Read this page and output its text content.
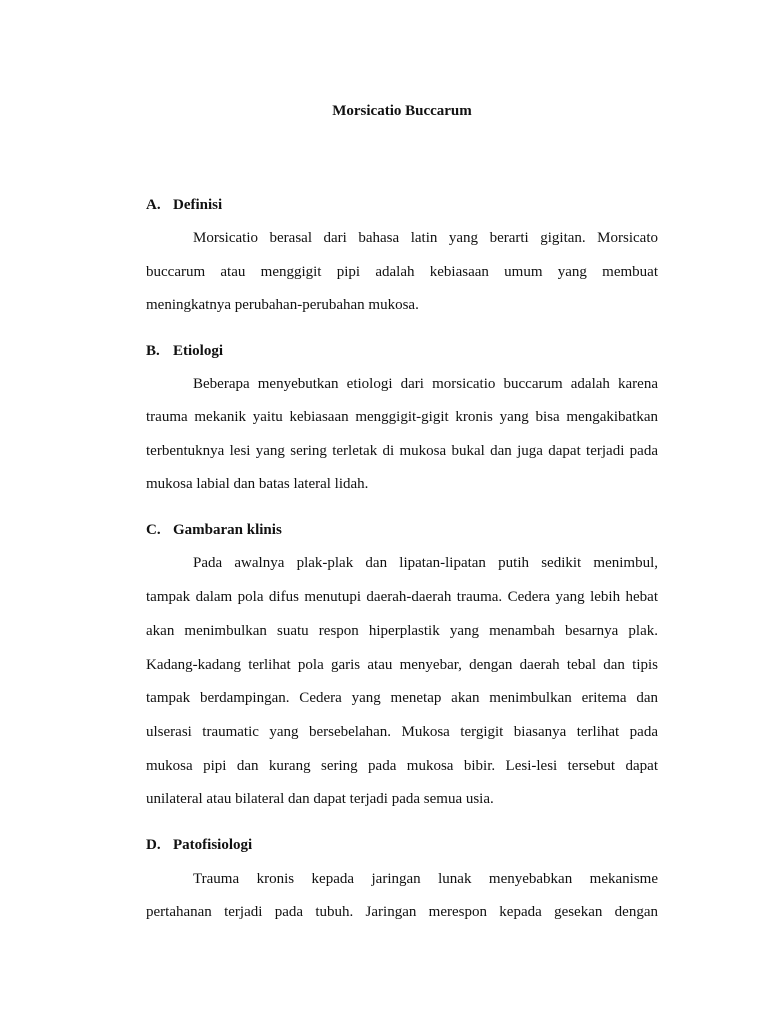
Morsicatio Buccarum
A. Definisi
Morsicatio berasal dari bahasa latin yang berarti gigitan. Morsicato
buccarum atau menggigit pipi adalah kebiasaan umum yang membuat
meningkatnya perubahan-perubahan mukosa.
B. Etiologi
Beberapa menyebutkan etiologi dari morsicatio buccarum adalah karena
trauma mekanik yaitu kebiasaan menggigit-gigit kronis yang bisa mengakibatkan
terbentuknya lesi yang sering terletak di mukosa bukal dan juga dapat terjadi pada
mukosa labial dan batas lateral lidah.
C. Gambaran klinis
Pada awalnya plak-plak dan lipatan-lipatan putih sedikit menimbul,
tampak dalam pola difus menutupi daerah-daerah trauma. Cedera yang lebih hebat
akan menimbulkan suatu respon hiperplastik yang menambah besarnya plak.
Kadang-kadang terlihat pola garis atau menyebar, dengan daerah tebal dan tipis
tampak berdampingan. Cedera yang menetap akan menimbulkan eritema dan
ulserasi traumatic yang bersebelahan. Mukosa tergigit biasanya terlihat pada
mukosa pipi dan kurang sering pada mukosa bibir. Lesi-lesi tersebut dapat
unilateral atau bilateral dan dapat terjadi pada semua usia.
D. Patofisiologi
Trauma kronis kepada jaringan lunak menyebabkan mekanisme
pertahanan terjadi pada tubuh. Jaringan merespon kepada gesekan dengan
